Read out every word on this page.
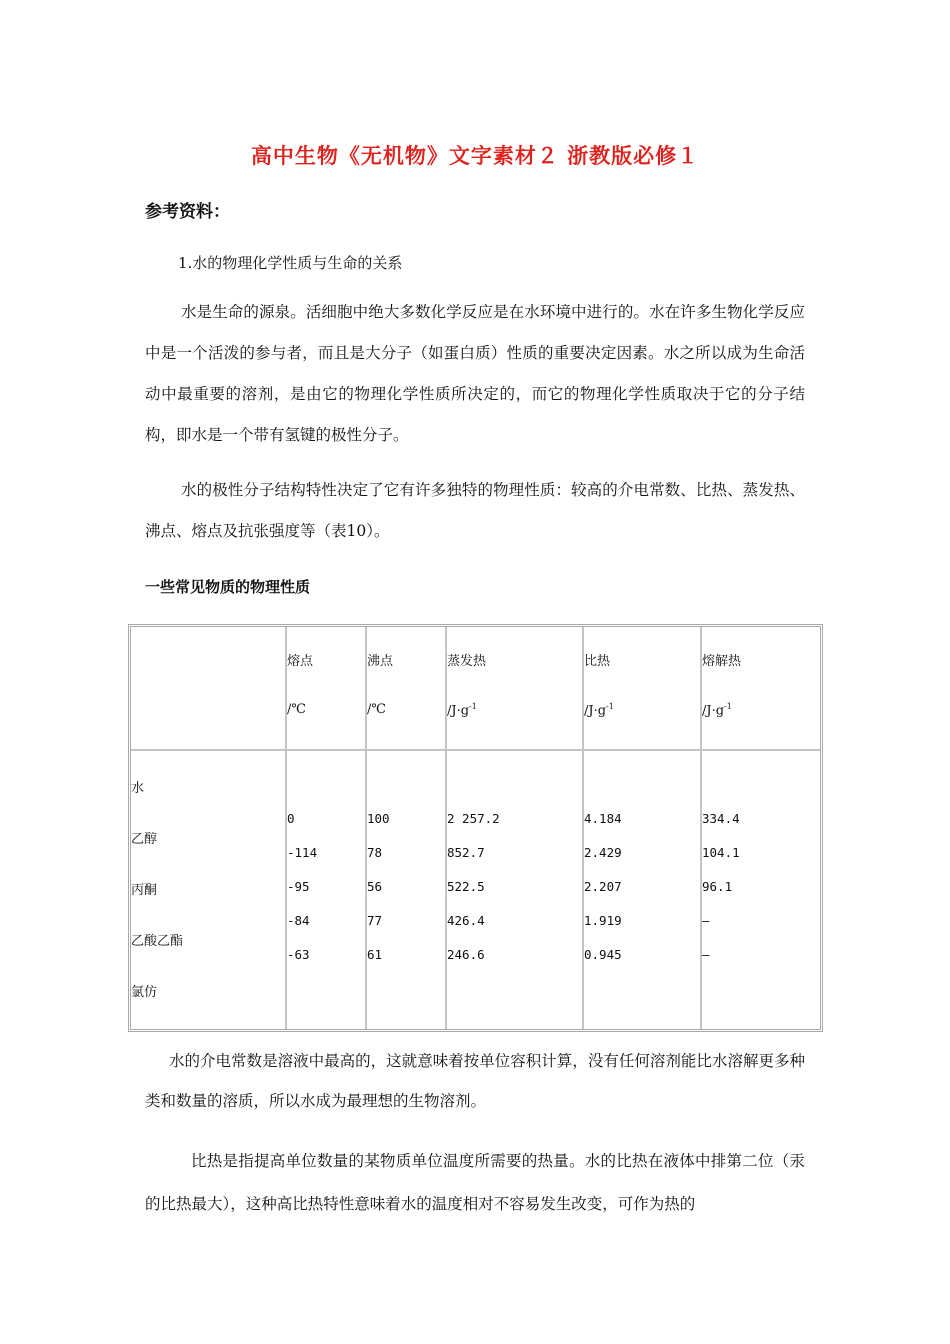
高中生物《无机物》文字素材２ 浙教版必修１
参考资料：
1.水的物理化学性质与生命的关系

水是生命的源泉。活细胞中绝大多数化学反应是在水环境中进行的。水在许多生物化学反应中是一个活泼的参与者，而且是大分子（如蛋白质）性质的重要决定因素。水之所以成为生命活动中最重要的溶剂，是由它的物理化学性质所决定的，而它的物理化学性质取决于它的分子结构，即水是一个带有氢键的极性分子。

水的极性分子结构特性决定了它有许多独特的物理性质：较高的介电常数、比热、蒸发热、沸点、熔点及抗张强度等（表10）。

一些常见物质的物理性质
熔点
/℃
沸点
/℃
蒸发热
$/J\cdot g^{-1}$
比热
$/J\cdot g^{-1}$
熔解热
$/J\cdot g^{-1}$
水
乙醇
丙酮
乙酸乙酯
氯仿
0
-114
-95
-84
-63
100
78
56
77
61
2 257.2
852.7
522.5
426.4
246.6
4.184
2.429
2.207
1.919
0.945
334.4
104.1
96.1
—
—

水的介电常数是溶液中最高的，这就意味着按单位容积计算，没有任何溶剂能比水溶解更多种类和数量的溶质，所以水成为最理想的生物溶剂。

比热是指提高单位数量的某物质单位温度所需要的热量。水的比热在液体中排第二位（汞的比热最大），这种高比热特性意味着水的温度相对不容易发生改变，可作为热的
